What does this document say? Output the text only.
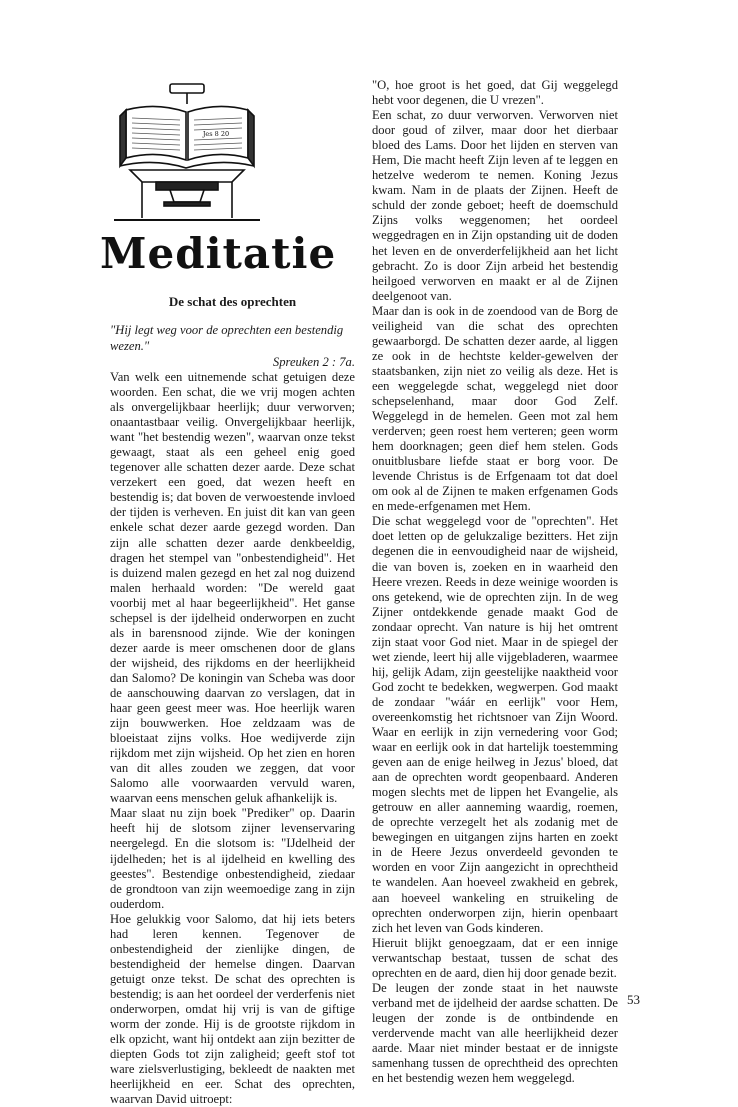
Jes 8 20
Meditatie
De schat des oprechten
"Hij legt weg voor de oprechten een bestendig wezen."
Spreuken 2 : 7a.

Van welk een uitnemende schat getuigen deze woorden. Een schat, die we vrij mogen achten als onvergelijkbaar heerlijk; duur verworven; onaantastbaar veilig. Onvergelijkbaar heerlijk, want "het bestendig wezen", waarvan onze tekst gewaagt, staat als een geheel enig goed tegenover alle schatten dezer aarde. Deze schat verzekert een goed, dat wezen heeft en bestendig is; dat boven de verwoestende invloed der tijden is verheven. En juist dit kan van geen enkele schat dezer aarde gezegd worden. Dan zijn alle schatten dezer aarde denkbeeldig, dragen het stempel van "onbestendigheid". Het is duizend malen gezegd en het zal nog duizend malen herhaald worden: "De wereld gaat voorbij met al haar begeerlijkheid". Het ganse schepsel is der ijdelheid onderworpen en zucht als in barensnood zijnde. Wie der koningen dezer aarde is meer omschenen door de glans der wijsheid, des rijkdoms en der heerlijkheid dan Salomo? De koningin van Scheba was door de aanschouwing daarvan zo verslagen, dat in haar geen geest meer was. Hoe heerlijk waren zijn bouwwerken. Hoe zeldzaam was de bloeistaat zijns volks. Hoe wedijverde zijn rijkdom met zijn wijsheid. Op het zien en horen van dit alles zouden we zeggen, dat voor Salomo alle voorwaarden vervuld waren, waarvan eens menschen geluk afhankelijk is.

Maar slaat nu zijn boek "Prediker" op. Daarin heeft hij de slotsom zijner levenservaring neergelegd. En die slotsom is: "IJdelheid der ijdelheden; het is al ijdelheid en kwelling des geestes". Bestendige onbestendigheid, ziedaar de grondtoon van zijn weemoedige zang in zijn ouderdom.

Hoe gelukkig voor Salomo, dat hij iets beters had leren kennen. Tegenover de onbestendigheid der zienlijke dingen, de bestendigheid der hemelse dingen. Daarvan getuigt onze tekst. De schat des oprechten is bestendig; is aan het oordeel der verderfenis niet onderworpen, omdat hij vrij is van de giftige worm der zonde. Hij is de grootste rijkdom in elk opzicht, want hij ontdekt aan zijn bezitter de diepten Gods tot zijn zaligheid; geeft stof tot ware zielsverlustiging, bekleedt de naakten met heerlijkheid en eer. Schat des oprechten, waarvan David uitroept:

"O, hoe groot is het goed, dat Gij weggelegd hebt voor degenen, die U vrezen".

Een schat, zo duur verworven. Verworven niet door goud of zilver, maar door het dierbaar bloed des Lams. Door het lijden en sterven van Hem, Die macht heeft Zijn leven af te leggen en hetzelve wederom te nemen. Koning Jezus kwam. Nam in de plaats der Zijnen. Heeft de schuld der zonde geboet; heeft de doemschuld Zijns volks weggenomen; het oordeel weggedragen en in Zijn opstanding uit de doden het leven en de onverderfelijkheid aan het licht gebracht. Zo is door Zijn arbeid het bestendig heilgoed verworven en maakt er al de Zijnen deelgenoot van.

Maar dan is ook in de zoendood van de Borg de veiligheid van die schat des oprechten gewaarborgd. De schatten dezer aarde, al liggen ze ook in de hechtste kelder-gewelven der staatsbanken, zijn niet zo veilig als deze. Het is een weggelegde schat, weggelegd niet door schepselenhand, maar door God Zelf. Weggelegd in de hemelen. Geen mot zal hem verderven; geen roest hem verteren; geen worm hem doorknagen; geen dief hem stelen. Gods onuitblusbare liefde staat er borg voor. De levende Christus is de Erfgenaam tot dat doel om ook al de Zijnen te maken erfgenamen Gods en mede-erfgenamen met Hem.

Die schat weggelegd voor de "oprechten". Het doet letten op de gelukzalige bezitters. Het zijn degenen die in eenvoudigheid naar de wijsheid, die van boven is, zoeken en in waarheid den Heere vrezen. Reeds in deze weinige woorden is ons getekend, wie de oprechten zijn. In de weg Zijner ontdekkende genade maakt God de zondaar oprecht. Van nature is hij het omtrent zijn staat voor God niet. Maar in de spiegel der wet ziende, leert hij alle vijgebladeren, waarmee hij, gelijk Adam, zijn geestelijke naaktheid voor God zocht te bedekken, wegwerpen. God maakt de zondaar "wáár en eerlijk" voor Hem, overeenkomstig het richtsnoer van Zijn Woord. Waar en eerlijk in zijn vernedering voor God; waar en eerlijk ook in dat hartelijk toestemming geven aan de enige heilweg in Jezus' bloed, dat aan de oprechten wordt geopenbaard. Anderen mogen slechts met de lippen het Evangelie, als getrouw en aller aanneming waardig, roemen, de oprechte verzegelt het als zodanig met de bewegingen en uitgangen zijns harten en zoekt in de Heere Jezus onverdeeld gevonden te worden en voor Zijn aangezicht in oprechtheid te wandelen. Aan hoeveel zwakheid en gebrek, aan hoeveel wankeling en struikeling de oprechten onderworpen zijn, hierin openbaart zich het leven van Gods kinderen.

Hieruit blijkt genoegzaam, dat er een innige verwantschap bestaat, tussen de schat des oprechten en de aard, dien hij door genade bezit.

De leugen der zonde staat in het nauwste verband met de ijdelheid der aardse schatten. De leugen der zonde is de ontbindende en verdervende macht van alle heerlijkheid dezer aarde. Maar niet minder bestaat er de innigste samenhang tussen de oprechtheid des oprechten en het bestendig wezen hem weggelegd.

53
